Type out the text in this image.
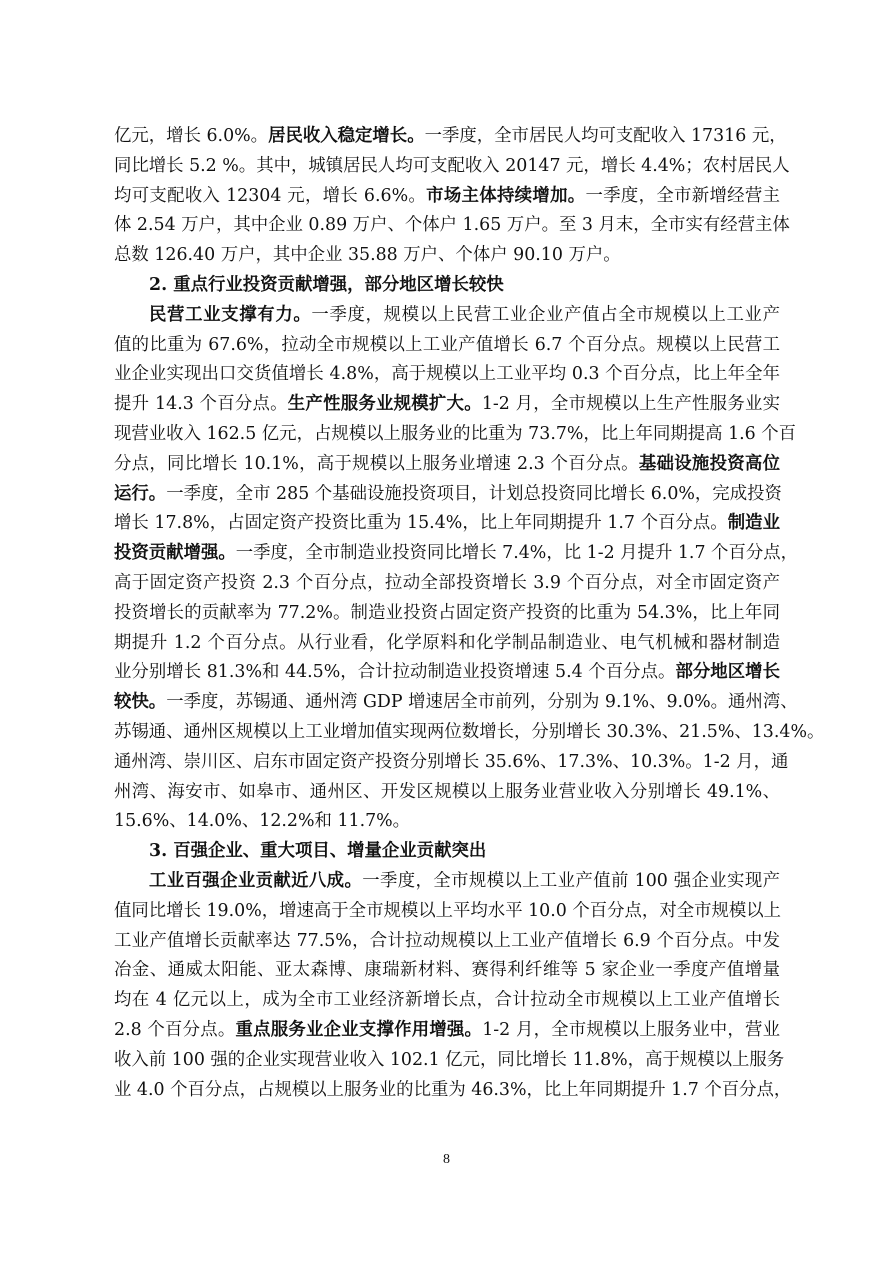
亿元，增长 6.0%。居民收入稳定增长。一季度，全市居民人均可支配收入 17316 元，
同比增长 5.2 %。其中，城镇居民人均可支配收入 20147 元，增长 4.4%；农村居民人
均可支配收入 12304 元，增长 6.6%。市场主体持续增加。一季度，全市新增经营主
体 2.54 万户，其中企业 0.89 万户、个体户 1.65 万户。至 3 月末，全市实有经营主体
总数 126.40 万户，其中企业 35.88 万户、个体户 90.10 万户。
2. 重点行业投资贡献增强，部分地区增长较快
民营工业支撑有力。一季度，规模以上民营工业企业产值占全市规模以上工业产
值的比重为 67.6%，拉动全市规模以上工业产值增长 6.7 个百分点。规模以上民营工
业企业实现出口交货值增长 4.8%，高于规模以上工业平均 0.3 个百分点，比上年全年
提升 14.3 个百分点。生产性服务业规模扩大。1-2 月，全市规模以上生产性服务业实
现营业收入 162.5 亿元，占规模以上服务业的比重为 73.7%，比上年同期提高 1.6 个百
分点，同比增长 10.1%，高于规模以上服务业增速 2.3 个百分点。基础设施投资高位
运行。一季度，全市 285 个基础设施投资项目，计划总投资同比增长 6.0%，完成投资
增长 17.8%，占固定资产投资比重为 15.4%，比上年同期提升 1.7 个百分点。制造业
投资贡献增强。一季度，全市制造业投资同比增长 7.4%，比 1-2 月提升 1.7 个百分点，
高于固定资产投资 2.3 个百分点，拉动全部投资增长 3.9 个百分点，对全市固定资产
投资增长的贡献率为 77.2%。制造业投资占固定资产投资的比重为 54.3%，比上年同
期提升 1.2 个百分点。从行业看，化学原料和化学制品制造业、电气机械和器材制造
业分别增长 81.3%和 44.5%，合计拉动制造业投资增速 5.4 个百分点。部分地区增长
较快。一季度，苏锡通、通州湾 GDP 增速居全市前列，分别为 9.1%、9.0%。通州湾、
苏锡通、通州区规模以上工业增加值实现两位数增长，分别增长 30.3%、21.5%、13.4%。
通州湾、崇川区、启东市固定资产投资分别增长 35.6%、17.3%、10.3%。1-2 月，通
州湾、海安市、如皋市、通州区、开发区规模以上服务业营业收入分别增长 49.1%、
15.6%、14.0%、12.2%和 11.7%。
3. 百强企业、重大项目、增量企业贡献突出
工业百强企业贡献近八成。一季度，全市规模以上工业产值前 100 强企业实现产
值同比增长 19.0%，增速高于全市规模以上平均水平 10.0 个百分点，对全市规模以上
工业产值增长贡献率达 77.5%，合计拉动规模以上工业产值增长 6.9 个百分点。中发
冶金、通威太阳能、亚太森博、康瑞新材料、赛得利纤维等 5 家企业一季度产值增量
均在 4 亿元以上，成为全市工业经济新增长点，合计拉动全市规模以上工业产值增长
2.8 个百分点。重点服务业企业支撑作用增强。1-2 月，全市规模以上服务业中，营业
收入前 100 强的企业实现营业收入 102.1 亿元，同比增长 11.8%，高于规模以上服务
业 4.0 个百分点，占规模以上服务业的比重为 46.3%，比上年同期提升 1.7 个百分点，
8
